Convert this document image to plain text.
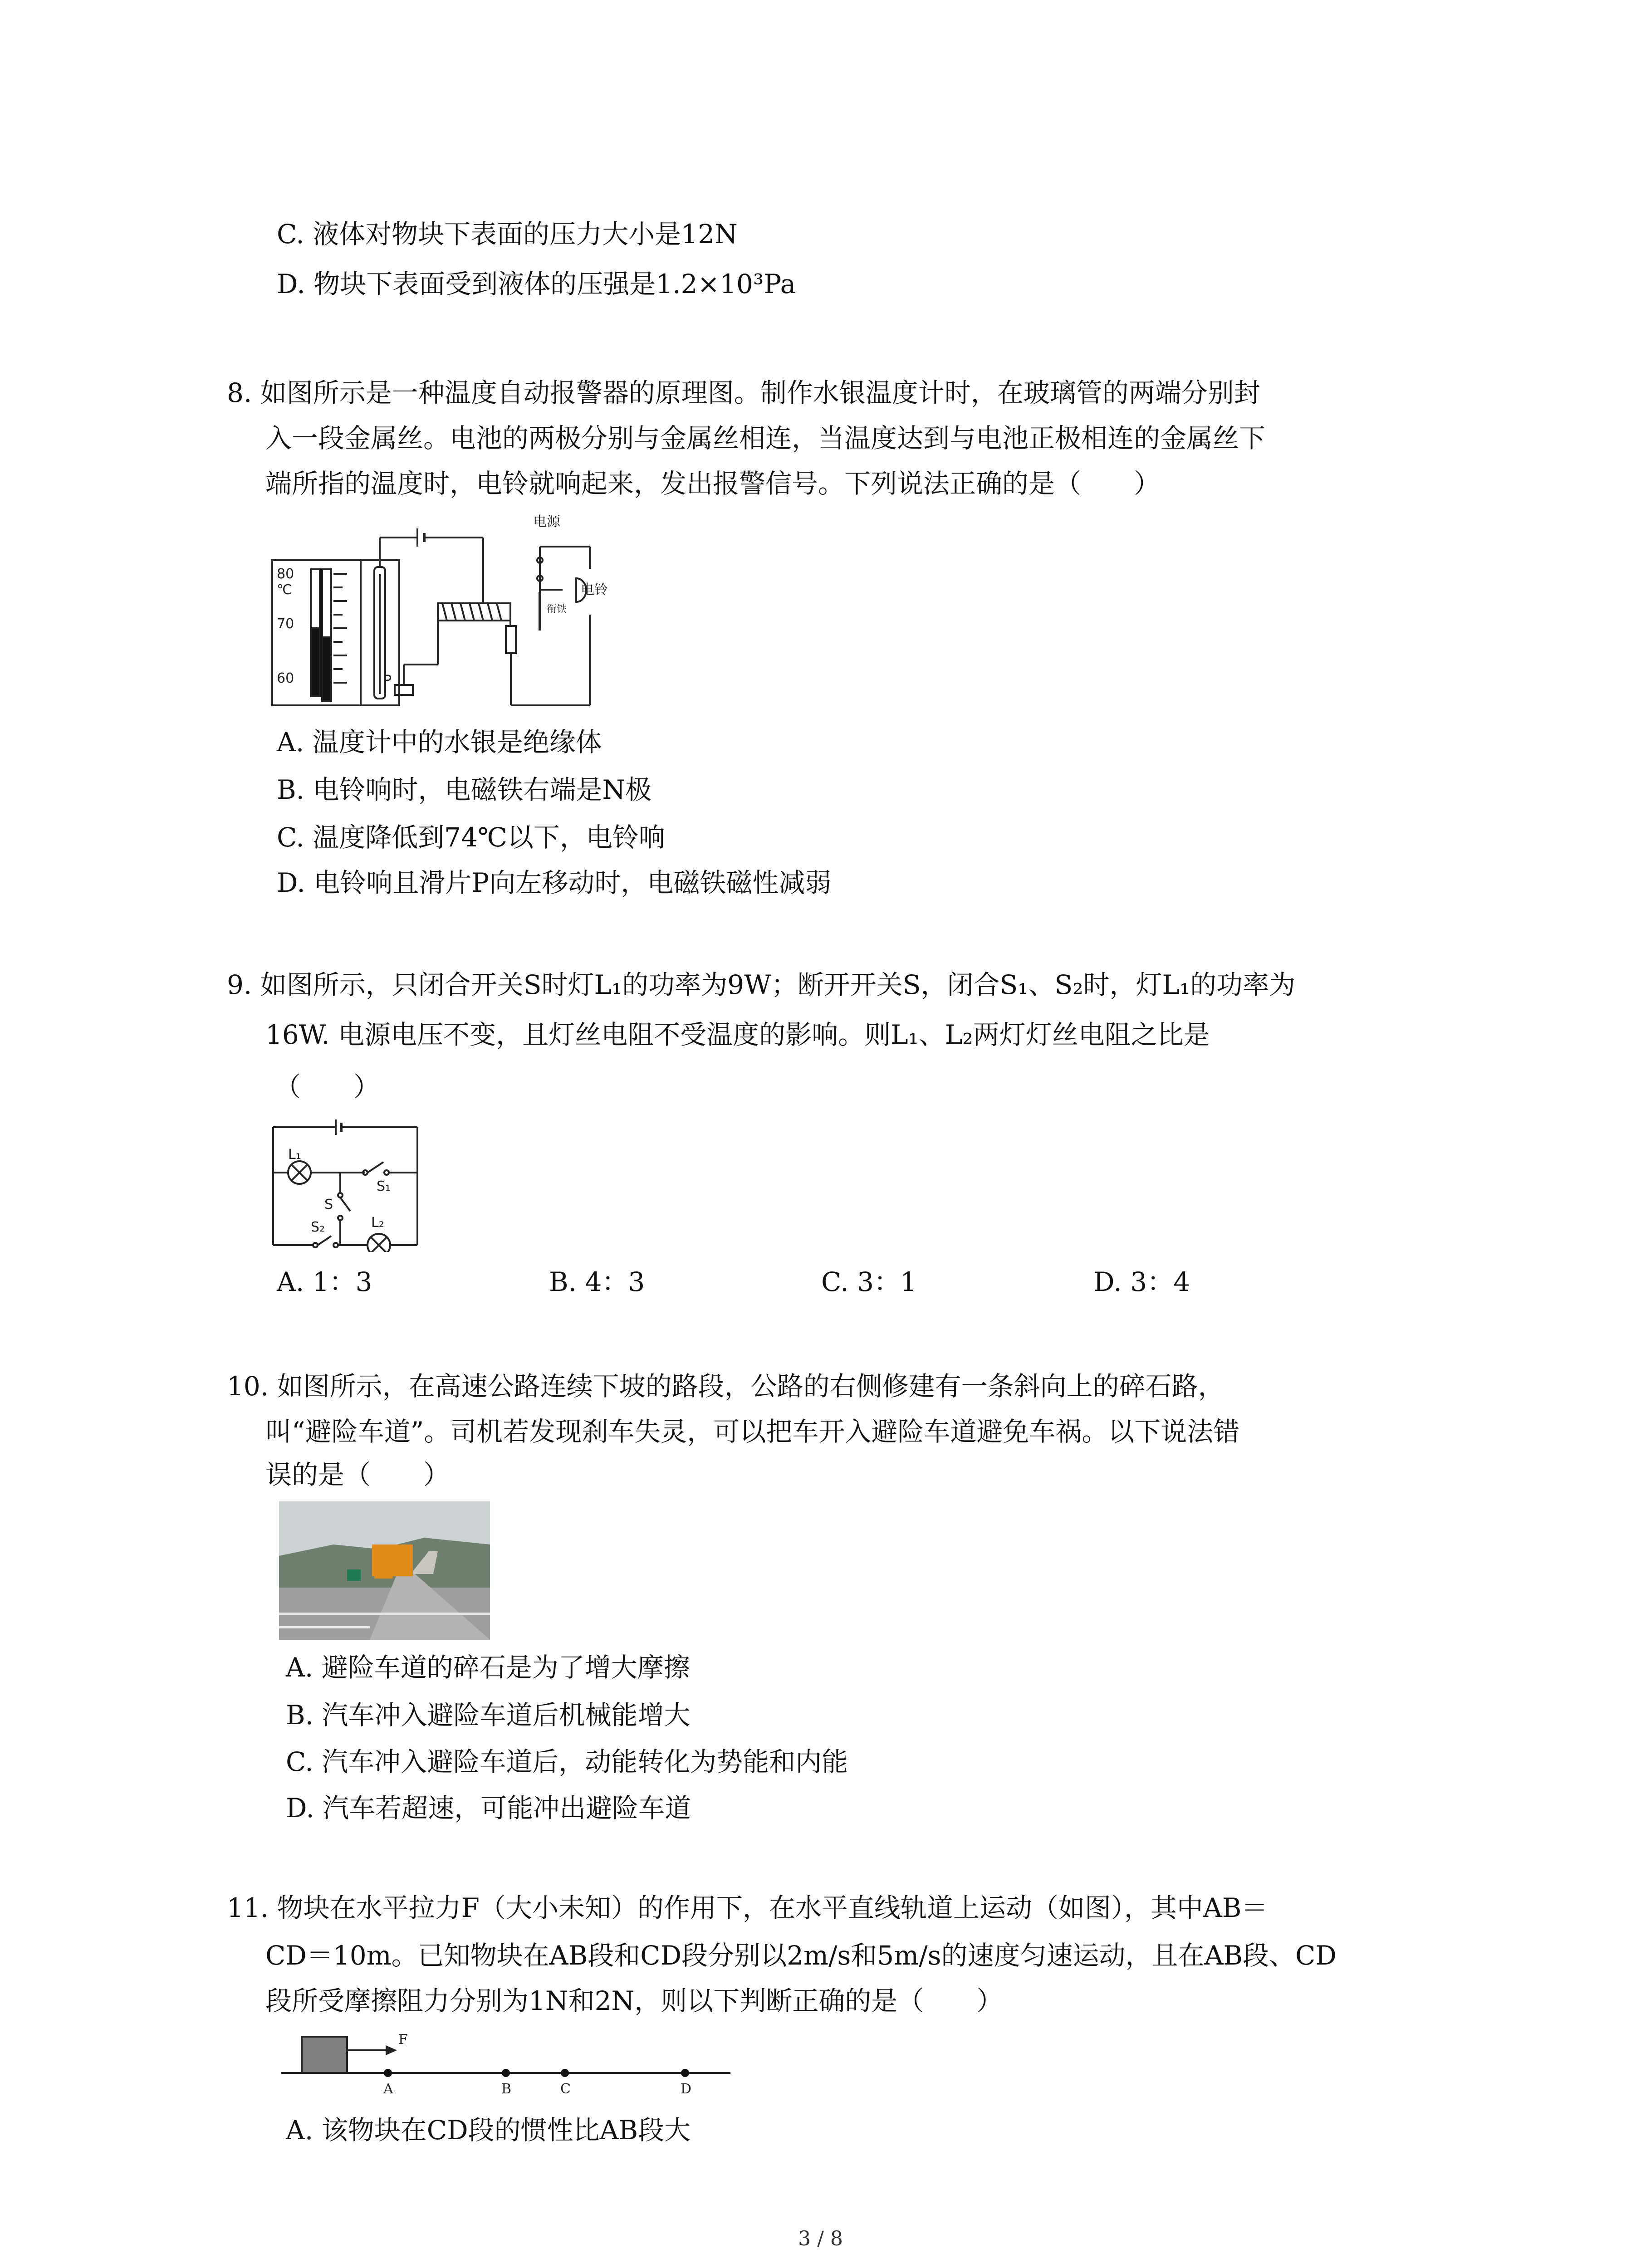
C. 液体对物块下表面的压力大小是12N
D. 物块下表面受到液体的压强是1.2×10³Pa
8. 如图所示是一种温度自动报警器的原理图。制作水银温度计时，在玻璃管的两端分别封
入一段金属丝。电池的两极分别与金属丝相连，当温度达到与电池正极相连的金属丝下
端所指的温度时，电铃就响起来，发出报警信号。下列说法正确的是（　　）
80
℃
70
60	P
电源
电铃
衔铁
A. 温度计中的水银是绝缘体
B. 电铃响时，电磁铁右端是N极
C. 温度降低到74℃以下，电铃响
D. 电铃响且滑片P向左移动时，电磁铁磁性减弱
9. 如图所示，只闭合开关S时灯L₁的功率为9W；断开开关S，闭合S₁、S₂时，灯L₁的功率为
16W. 电源电压不变，且灯丝电阻不受温度的影响。则L₁、L₂两灯灯丝电阻之比是
（　　）
L₁
S₁
S
S₂	L₂
A. 1：3	B. 4：3	C. 3：1	D. 3：4
10. 如图所示，在高速公路连续下坡的路段，公路的右侧修建有一条斜向上的碎石路，
叫“避险车道”。司机若发现刹车失灵，可以把车开入避险车道避免车祸。以下说法错
误的是（　　）
A. 避险车道的碎石是为了增大摩擦
B. 汽车冲入避险车道后机械能增大
C. 汽车冲入避险车道后，动能转化为势能和内能
D. 汽车若超速，可能冲出避险车道
11. 物块在水平拉力F（大小未知）的作用下，在水平直线轨道上运动（如图），其中AB＝
CD＝10m。已知物块在AB段和CD段分别以2m/s和5m/s的速度匀速运动，且在AB段、CD
段所受摩擦阻力分别为1N和2N，则以下判断正确的是（　　）
F
A	B	C	D
A. 该物块在CD段的惯性比AB段大
3 / 8
